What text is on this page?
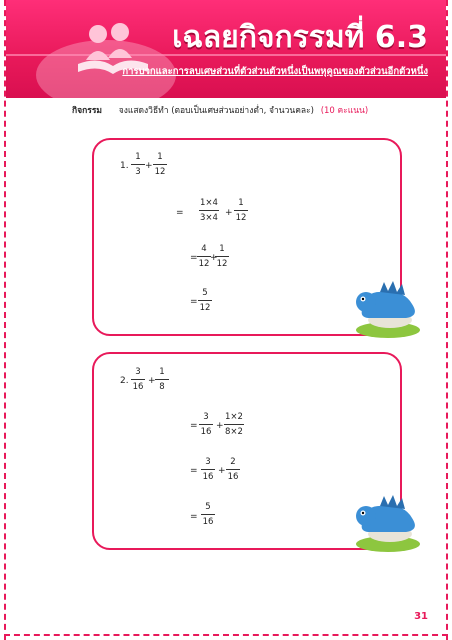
เฉลยกิจกรรมที่ 6.3
การบวกและการลบเศษส่วนที่ตัวส่วนตัวหนึ่งเป็นพหุคูณของตัวส่วนอีกตัวหนึ่ง
กิจกรรม จงแสดงวิธีทำ (ตอบเป็นเศษส่วนอย่างต่ำ, จำนวนคละ) (10 คะแนน)
1.
1
3
+
1
12
=
1×4
3×4 +
1
12
=
4
12
+
1
12
=
5
12
2.
3
16
+
1
8
=
3
16
+
1×2
8×2
=
3
16
+
2
16
=
5
16
31
